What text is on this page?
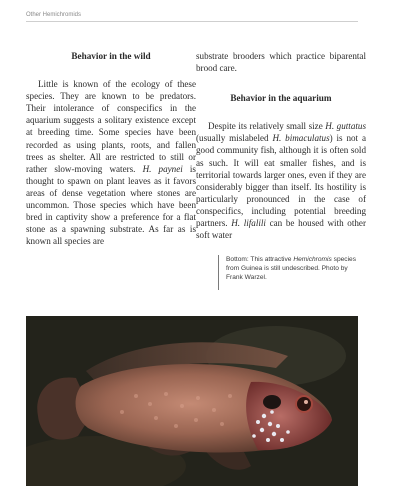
Other Hemichromids

Behavior in the wild

Little is known of the ecology of these species. They are known to be predators. Their intolerance of conspecifics in the aquarium suggests a solitary existence except at breeding time. Some species have been recorded as using plants, roots, and fallen trees as shelter. All are restricted to still or rather slow-moving waters. H. paynei is thought to spawn on plant leaves as it favors areas of dense vegetation where stones are uncommon. Those species which have been bred in captivity show a preference for a flat stone as a spawning substrate. As far as is known all species are

substrate brooders which practice biparental brood care.

Behavior in the aquarium

Despite its relatively small size H. guttatus (usually mislabeled H. bimaculatus) is not a good community fish, although it is often sold as such. It will eat smaller fishes, and is territorial towards larger ones, even if they are considerably bigger than itself. Its hostility is particularly pronounced in the case of conspecifics, including potential breeding partners. H. lifalili can be housed with other soft water

Bottom: This attractive Hemichromis species from Guinea is still undescribed. Photo by Frank Warzel.
